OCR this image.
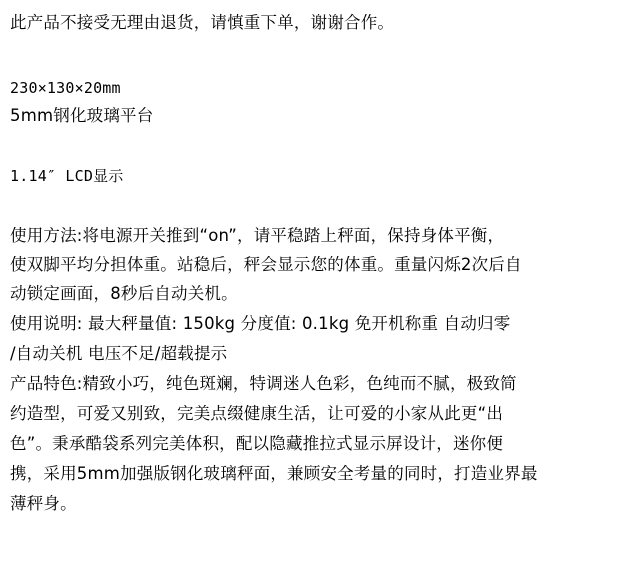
此产品不接受无理由退货，请慎重下单，谢谢合作。
230×130×20mm
5mm钢化玻璃平台
1.14″ LCD显示
使用方法:将电源开关推到“on”，请平稳踏上秤面，保持身体平衡，
使双脚平均分担体重。站稳后，秤会显示您的体重。重量闪烁2次后自
动锁定画面，8秒后自动关机。
使用说明: 最大秤量值: 150kg 分度值: 0.1kg 免开机称重 自动归零
/自动关机 电压不足/超载提示
产品特色:精致小巧，纯色斑斓，特调迷人色彩，色纯而不腻，极致简
约造型，可爱又别致，完美点缀健康生活，让可爱的小家从此更“出
色”。秉承酷袋系列完美体积，配以隐藏推拉式显示屏设计，迷你便
携，采用5mm加强版钢化玻璃秤面，兼顾安全考量的同时，打造业界最
薄秤身。
